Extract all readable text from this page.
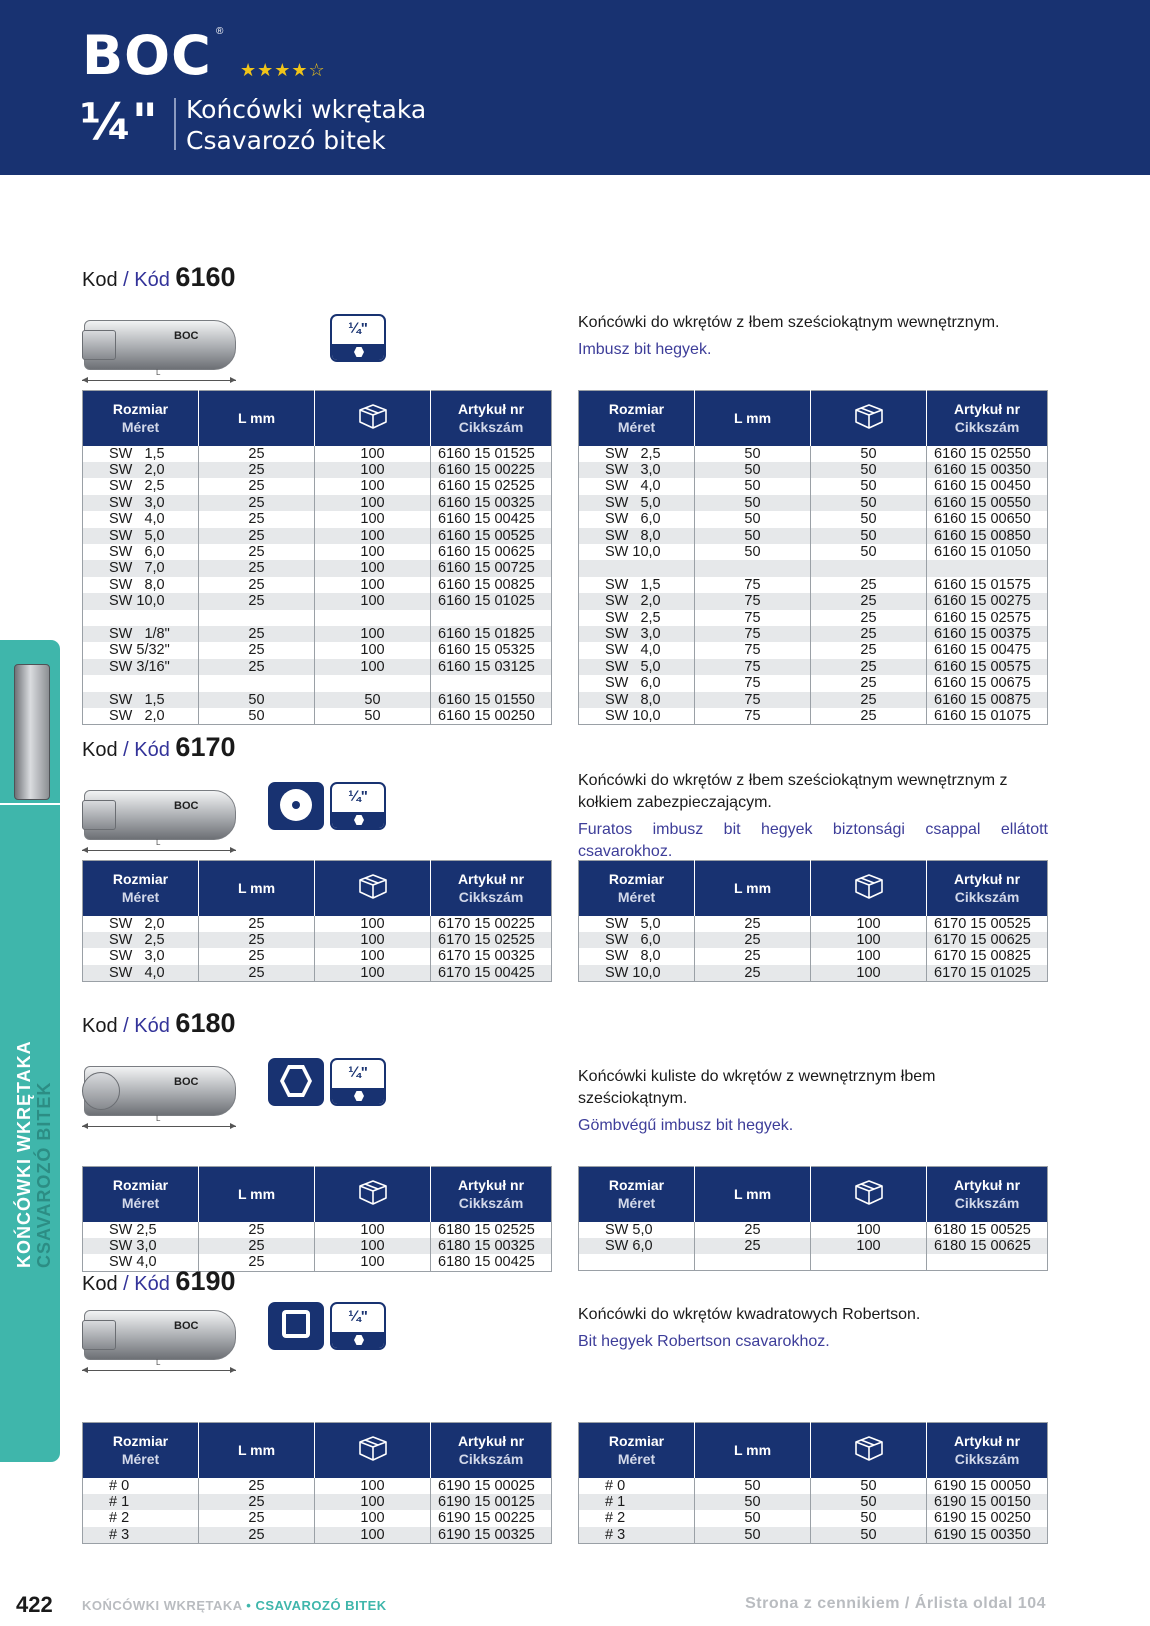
BOC ®
★★★★☆
¼" Końcówki wkrętaka
Csavarozó bitek
KOŃCÓWKI WKRĘTAKA CSAVAROZÓ BITEK
Kod / Kód 6160
BOC
L
¼"	Końcówki do wkrętów z łbem sześciokątnym wewnętrznym.
Imbusz bit hegyek.
Rozmiar
Méret	L mm		Artykuł nr
Cikkszám

SW   1,5	25	100	6160 15 01525
SW   2,0	25	100	6160 15 00225
SW   2,5	25	100	6160 15 02525
SW   3,0	25	100	6160 15 00325
SW   4,0	25	100	6160 15 00425
SW   5,0	25	100	6160 15 00525
SW   6,0	25	100	6160 15 00625
SW   7,0	25	100	6160 15 00725
SW   8,0	25	100	6160 15 00825
SW 10,0	25	100	6160 15 01025

SW   1/8"	25	100	6160 15 01825
SW 5/32"	25	100	6160 15 05325
SW 3/16"	25	100	6160 15 03125

SW   1,5	50	50	6160 15 01550
SW   2,0	50	50	6160 15 00250
Rozmiar
Méret	L mm		Artykuł nr
Cikkszám

SW   2,5	50	50	6160 15 02550
SW   3,0	50	50	6160 15 00350
SW   4,0	50	50	6160 15 00450
SW   5,0	50	50	6160 15 00550
SW   6,0	50	50	6160 15 00650
SW   8,0	50	50	6160 15 00850
SW 10,0	50	50	6160 15 01050

SW   1,5	75	25	6160 15 01575
SW   2,0	75	25	6160 15 00275
SW   2,5	75	25	6160 15 02575
SW   3,0	75	25	6160 15 00375
SW   4,0	75	25	6160 15 00475
SW   5,0	75	25	6160 15 00575
SW   6,0	75	25	6160 15 00675
SW   8,0	75	25	6160 15 00875
SW 10,0	75	25	6160 15 01075
Kod / Kód 6170
BOC
L
¼"
Końcówki do wkrętów z łbem sześciokątnym wewnętrznym z kołkiem zabezpieczającym.
Furatos imbusz bit hegyek biztonsági csappal ellátott csavarokhoz.
Rozmiar
Méret	L mm		Artykuł nr
Cikkszám

SW   2,0	25	100	6170 15 00225
SW   2,5	25	100	6170 15 02525
SW   3,0	25	100	6170 15 00325
SW   4,0	25	100	6170 15 00425
Rozmiar
Méret	L mm		Artykuł nr
Cikkszám

SW   5,0	25	100	6170 15 00525
SW   6,0	25	100	6170 15 00625
SW   8,0	25	100	6170 15 00825
SW 10,0	25	100	6170 15 01025
Kod / Kód 6180
BOC
L
¼"	Końcówki kuliste do wkrętów z wewnętrznym łbem sześciokątnym.
Gömbvégű imbusz bit hegyek.
Rozmiar
Méret	L mm		Artykuł nr
Cikkszám

SW 2,5	25	100	6180 15 02525
SW 3,0	25	100	6180 15 00325
SW 4,0	25	100	6180 15 00425
Rozmiar
Méret	L mm		Artykuł nr
Cikkszám

SW 5,0	25	100	6180 15 00525
SW 6,0	25	100	6180 15 00625

Kod / Kód 6190
BOC
L
¼"	Końcówki do wkrętów kwadratowych Robertson.
Bit hegyek Robertson csavarokhoz.
Rozmiar
Méret	L mm		Artykuł nr
Cikkszám

# 0	25	100	6190 15 00025
# 1	25	100	6190 15 00125
# 2	25	100	6190 15 00225
# 3	25	100	6190 15 00325
Rozmiar
Méret	L mm		Artykuł nr
Cikkszám

# 0	50	50	6190 15 00050
# 1	50	50	6190 15 00150
# 2	50	50	6190 15 00250
# 3	50	50	6190 15 00350
422 KOŃCÓWKI WKRĘTAKA • CSAVAROZÓ BITEK	Strona z cennikiem / Árlista oldal 104
